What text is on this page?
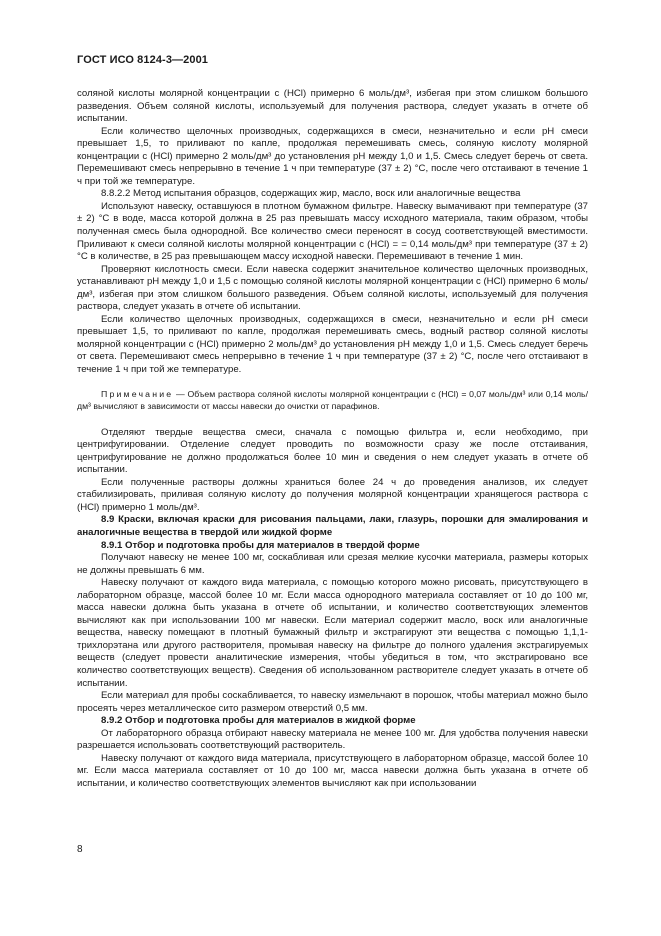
ГОСТ ИСО 8124-3—2001

соляной кислоты молярной концентрации c (HCl) примерно 6 моль/дм³, избегая при этом слишком большого разведения. Объем соляной кислоты, используемый для получения раствора, следует указать в отчете об испытании.

Если количество щелочных производных, содержащихся в смеси, незначительно и если pH смеси превышает 1,5, то приливают по капле, продолжая перемешивать смесь, соляную кислоту молярной концентрации c (HCl) примерно 2 моль/дм³ до установления pH между 1,0 и 1,5. Смесь следует беречь от света. Перемешивают смесь непрерывно в течение 1 ч при температуре (37 ± 2) °С, после чего отстаивают в течение 1 ч при той же температуре.

8.8.2.2 Метод испытания образцов, содержащих жир, масло, воск или аналогичные вещества

Используют навеску, оставшуюся в плотном бумажном фильтре. Навеску вымачивают при температуре (37 ± 2) °С в воде, масса которой должна в 25 раз превышать массу исходного материала, таким образом, чтобы полученная смесь была однородной. Все количество смеси переносят в сосуд соответствующей вместимости. Приливают к смеси соляной кислоты молярной концентрации c (HCl) = = 0,14 моль/дм³ при температуре (37 ± 2) °С в количестве, в 25 раз превышающем массу исходной навески. Перемешивают в течение 1 мин.

Проверяют кислотность смеси. Если навеска содержит значительное количество щелочных производных, устанавливают pH между 1,0 и 1,5 с помощью соляной кислоты молярной концентрации c (HCl) примерно 6 моль/дм³, избегая при этом слишком большого разведения. Объем соляной кислоты, используемый для получения раствора, следует указать в отчете об испытании.

Если количество щелочных производных, содержащихся в смеси, незначительно и если pH смеси превышает 1,5, то приливают по капле, продолжая перемешивать смесь, водный раствор соляной кислоты молярной концентрации c (HCl) примерно 2 моль/дм³ до установления pH между 1,0 и 1,5. Смесь следует беречь от света. Перемешивают смесь непрерывно в течение 1 ч при температуре (37 ± 2) °С, после чего отстаивают в течение 1 ч при той же температуре.

Примечание — Объем раствора соляной кислоты молярной концентрации c (HCl) = 0,07 моль/дм³ или 0,14 моль/дм³ вычисляют в зависимости от массы навески до очистки от парафинов.

Отделяют твердые вещества смеси, сначала с помощью фильтра и, если необходимо, при центрифугировании. Отделение следует проводить по возможности сразу же после отстаивания, центрифугирование не должно продолжаться более 10 мин и сведения о нем следует указать в отчете об испытании.

Если полученные растворы должны храниться более 24 ч до проведения анализов, их следует стабилизировать, приливая соляную кислоту до получения молярной концентрации хранящегося раствора c (HCl) примерно 1 моль/дм³.

8.9 Краски, включая краски для рисования пальцами, лаки, глазурь, порошки для эмалирования и аналогичные вещества в твердой или жидкой форме

8.9.1 Отбор и подготовка пробы для материалов в твердой форме

Получают навеску не менее 100 мг, соскабливая или срезая мелкие кусочки материала, размеры которых не должны превышать 6 мм.

Навеску получают от каждого вида материала, с помощью которого можно рисовать, присутствующего в лабораторном образце, массой более 10 мг. Если масса однородного материала составляет от 10 до 100 мг, масса навески должна быть указана в отчете об испытании, и количество соответствующих элементов вычисляют как при использовании 100 мг навески. Если материал содержит масло, воск или аналогичные вещества, навеску помещают в плотный бумажный фильтр и экстрагируют эти вещества с помощью 1,1,1-трихлорэтана или другого растворителя, промывая навеску на фильтре до полного удаления экстрагируемых веществ (следует провести аналитические измерения, чтобы убедиться в том, что экстрагировано все количество соответствующих веществ). Сведения об использованном растворителе следует указать в отчете об испытании.

Если материал для пробы соскабливается, то навеску измельчают в порошок, чтобы материал можно было просеять через металлическое сито размером отверстий 0,5 мм.

8.9.2 Отбор и подготовка пробы для материалов в жидкой форме

От лабораторного образца отбирают навеску материала не менее 100 мг. Для удобства получения навески разрешается использовать соответствующий растворитель.

Навеску получают от каждого вида материала, присутствующего в лабораторном образце, массой более 10 мг. Если масса материала составляет от 10 до 100 мг, масса навески должна быть указана в отчете об испытании, и количество соответствующих элементов вычисляют как при использовании

8
